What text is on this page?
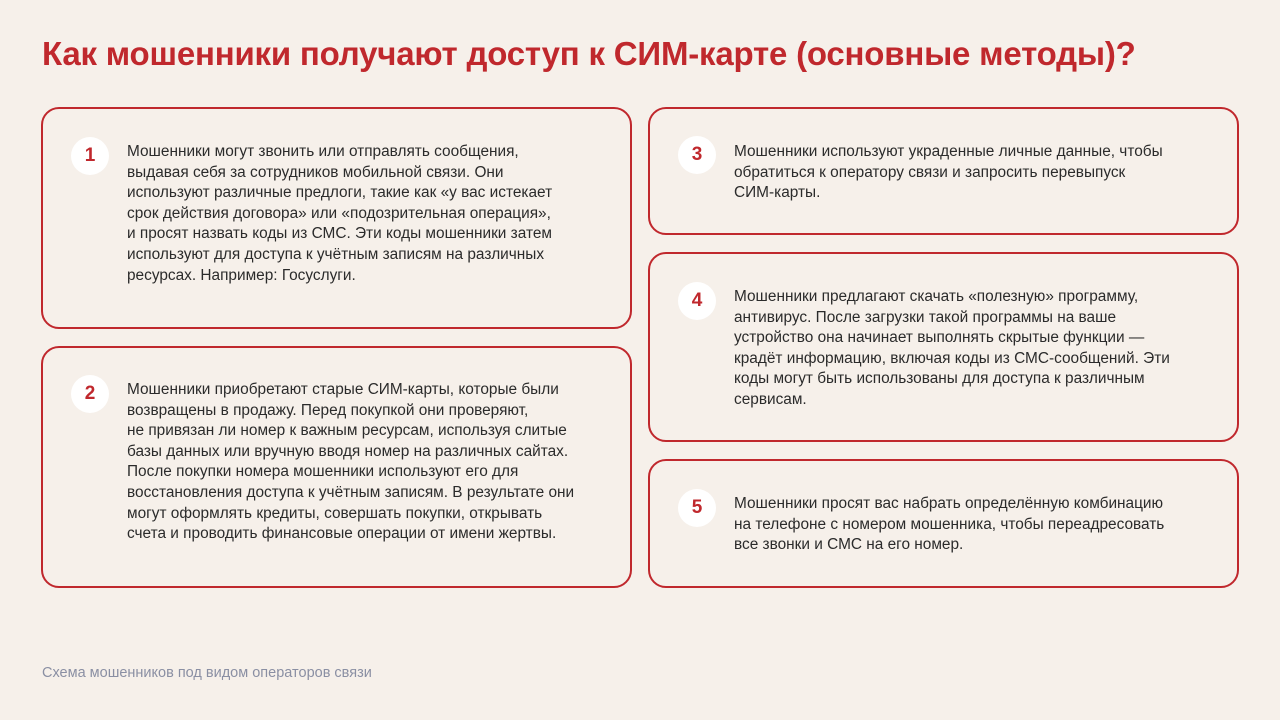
Как мошенники получают доступ к СИМ-карте (основные методы)?
1	Мошенники могут звонить или отправлять сообщения,
выдавая себя за сотрудников мобильной связи. Они
используют различные предлоги, такие как «у вас истекает
срок действия договора» или «подозрительная операция»,
и просят назвать коды из СМС. Эти коды мошенники затем
используют для доступа к учётным записям на различных
ресурсах. Например: Госуслуги.

2	Мошенники приобретают старые СИМ-карты, которые были
возвращены в продажу. Перед покупкой они проверяют,
не привязан ли номер к важным ресурсам, используя слитые
базы данных или вручную вводя номер на различных сайтах.
После покупки номера мошенники используют его для
восстановления доступа к учётным записям. В результате они
могут оформлять кредиты, совершать покупки, открывать
счета и проводить финансовые операции от имени жертвы.

3	Мошенники используют украденные личные данные, чтобы
обратиться к оператору связи и запросить перевыпуск
СИМ-карты.

4	Мошенники предлагают скачать «полезную» программу,
антивирус. После загрузки такой программы на ваше
устройство она начинает выполнять скрытые функции —
крадёт информацию, включая коды из СМС-сообщений. Эти
коды могут быть использованы для доступа к различным
сервисам.

5	Мошенники просят вас набрать определённую комбинацию
на телефоне с номером мошенника, чтобы переадресовать
все звонки и СМС на его номер.

Схема мошенников под видом операторов связи
